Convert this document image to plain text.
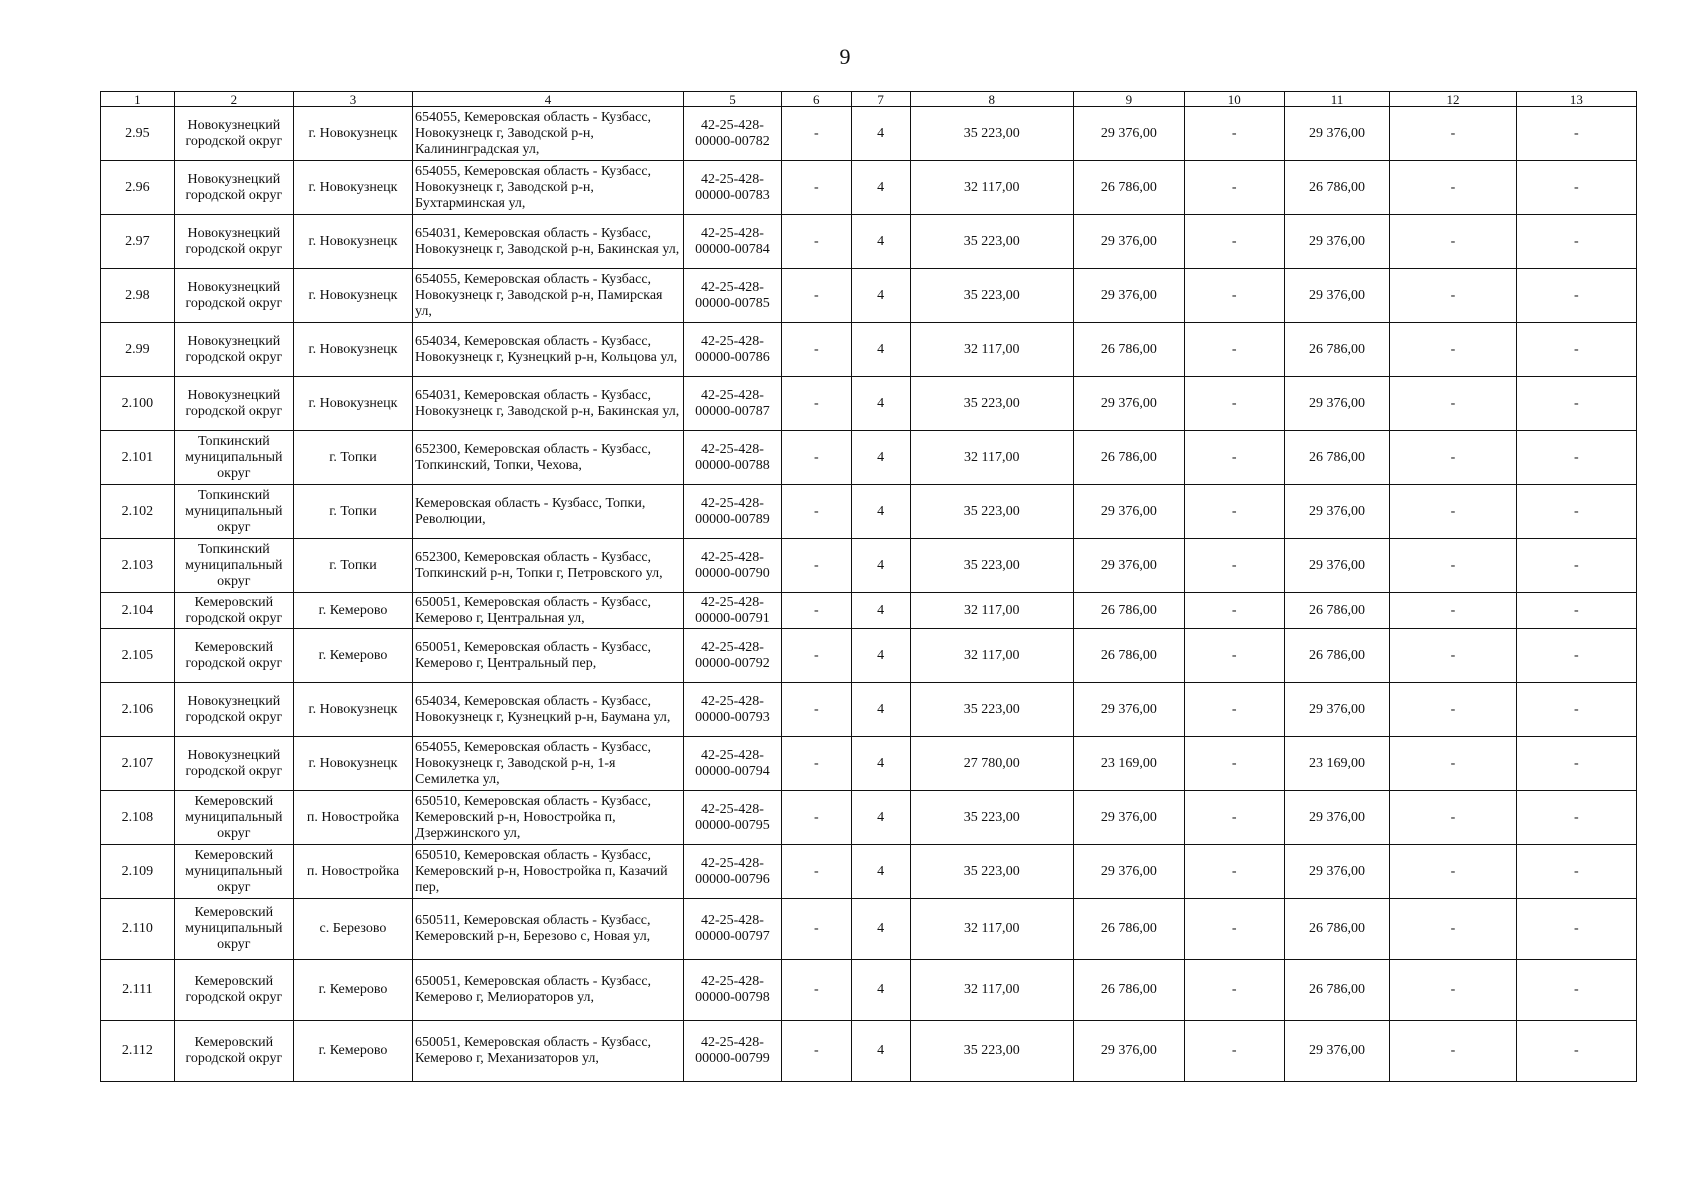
9
1	2	3	4	5	6	7	8	9	10	11	12	13
2.95	Новокузнецкий городской округ	г. Новокузнецк	654055, Кемеровская область - Кузбасс, Новокузнецк г, Заводской р-н, Калининградская ул,	42-25-428-00000-00782	-	4	35 223,00	29 376,00	-	29 376,00	-	-
2.96	Новокузнецкий городской округ	г. Новокузнецк	654055, Кемеровская область - Кузбасс, Новокузнецк г, Заводской р-н, Бухтарминская ул,	42-25-428-00000-00783	-	4	32 117,00	26 786,00	-	26 786,00	-	-
2.97	Новокузнецкий городской округ	г. Новокузнецк	654031, Кемеровская область - Кузбасс, Новокузнецк г, Заводской р-н, Бакинская ул,	42-25-428-00000-00784	-	4	35 223,00	29 376,00	-	29 376,00	-	-
2.98	Новокузнецкий городской округ	г. Новокузнецк	654055, Кемеровская область - Кузбасс, Новокузнецк г, Заводской р-н, Памирская ул,	42-25-428-00000-00785	-	4	35 223,00	29 376,00	-	29 376,00	-	-
2.99	Новокузнецкий городской округ	г. Новокузнецк	654034, Кемеровская область - Кузбасс, Новокузнецк г, Кузнецкий р-н, Кольцова ул,	42-25-428-00000-00786	-	4	32 117,00	26 786,00	-	26 786,00	-	-
2.100	Новокузнецкий городской округ	г. Новокузнецк	654031, Кемеровская область - Кузбасс, Новокузнецк г, Заводской р-н, Бакинская ул,	42-25-428-00000-00787	-	4	35 223,00	29 376,00	-	29 376,00	-	-
2.101	Топкинский муниципальный округ	г. Топки	652300, Кемеровская область - Кузбасс, Топкинский, Топки, Чехова,	42-25-428-00000-00788	-	4	32 117,00	26 786,00	-	26 786,00	-	-
2.102	Топкинский муниципальный округ	г. Топки	Кемеровская область - Кузбасс, Топки, Революции,	42-25-428-00000-00789	-	4	35 223,00	29 376,00	-	29 376,00	-	-
2.103	Топкинский муниципальный округ	г. Топки	652300, Кемеровская область - Кузбасс, Топкинский р-н, Топки г, Петровского ул,	42-25-428-00000-00790	-	4	35 223,00	29 376,00	-	29 376,00	-	-
2.104	Кемеровский городской округ	г. Кемерово	650051, Кемеровская область - Кузбасс, Кемерово г, Центральная ул,	42-25-428-00000-00791	-	4	32 117,00	26 786,00	-	26 786,00	-	-
2.105	Кемеровский городской округ	г. Кемерово	650051, Кемеровская область - Кузбасс, Кемерово г, Центральный пер,	42-25-428-00000-00792	-	4	32 117,00	26 786,00	-	26 786,00	-	-
2.106	Новокузнецкий городской округ	г. Новокузнецк	654034, Кемеровская область - Кузбасс, Новокузнецк г, Кузнецкий р-н, Баумана ул,	42-25-428-00000-00793	-	4	35 223,00	29 376,00	-	29 376,00	-	-
2.107	Новокузнецкий городской округ	г. Новокузнецк	654055, Кемеровская область - Кузбасс, Новокузнецк г, Заводской р-н, 1-я Семилетка ул,	42-25-428-00000-00794	-	4	27 780,00	23 169,00	-	23 169,00	-	-
2.108	Кемеровский муниципальный округ	п. Новостройка	650510, Кемеровская область - Кузбасс, Кемеровский р-н, Новостройка п, Дзержинского ул,	42-25-428-00000-00795	-	4	35 223,00	29 376,00	-	29 376,00	-	-
2.109	Кемеровский муниципальный округ	п. Новостройка	650510, Кемеровская область - Кузбасс, Кемеровский р-н, Новостройка п, Казачий пер,	42-25-428-00000-00796	-	4	35 223,00	29 376,00	-	29 376,00	-	-
2.110	Кемеровский муниципальный округ	с. Березово	650511, Кемеровская область - Кузбасс, Кемеровский р-н, Березово с, Новая ул,	42-25-428-00000-00797	-	4	32 117,00	26 786,00	-	26 786,00	-	-
2.111	Кемеровский городской округ	г. Кемерово	650051, Кемеровская область - Кузбасс, Кемерово г, Мелиораторов ул,	42-25-428-00000-00798	-	4	32 117,00	26 786,00	-	26 786,00	-	-
2.112	Кемеровский городской округ	г. Кемерово	650051, Кемеровская область - Кузбасс, Кемерово г, Механизаторов ул,	42-25-428-00000-00799	-	4	35 223,00	29 376,00	-	29 376,00	-	-
